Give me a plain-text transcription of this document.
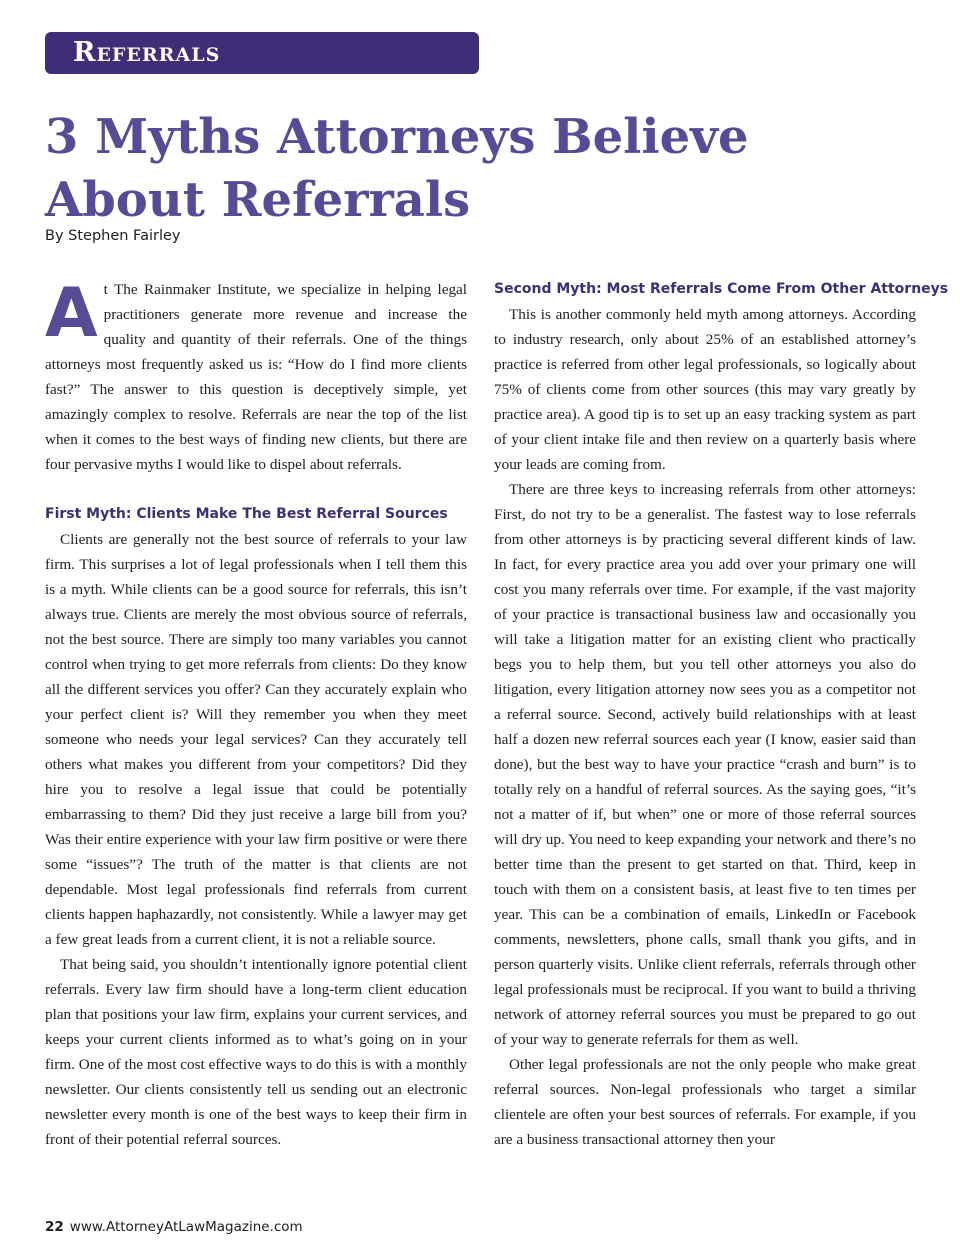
Referrals
3 Myths Attorneys Believe About Referrals
By Stephen Fairley

At The Rainmaker Institute, we specialize in helping legal practitioners generate more revenue and increase the quality and quantity of their referrals. One of the things attorneys most frequently asked us is: “How do I find more clients fast?” The answer to this question is deceptively simple, yet amazingly complex to resolve. Referrals are near the top of the list when it comes to the best ways of finding new clients, but there are four pervasive myths I would like to dispel about referrals.

First Myth: Clients Make The Best Referral Sources

Clients are generally not the best source of referrals to your law firm. This surprises a lot of legal professionals when I tell them this is a myth. While clients can be a good source for referrals, this isn’t always true. Clients are merely the most obvious source of referrals, not the best source. There are simply too many variables you cannot control when trying to get more referrals from clients: Do they know all the different services you offer? Can they accurately explain who your perfect client is? Will they remember you when they meet someone who needs your legal services? Can they accurately tell others what makes you different from your competitors? Did they hire you to resolve a legal issue that could be potentially embarrassing to them? Did they just receive a large bill from you? Was their entire experience with your law firm positive or were there some “issues”? The truth of the matter is that clients are not dependable. Most legal professionals find referrals from current clients happen haphazardly, not consistently. While a lawyer may get a few great leads from a current client, it is not a reliable source.

That being said, you shouldn’t intentionally ignore potential client referrals. Every law firm should have a long-term client education plan that positions your law firm, explains your current services, and keeps your current clients informed as to what’s going on in your firm. One of the most cost effective ways to do this is with a monthly newsletter. Our clients consistently tell us sending out an electronic newsletter every month is one of the best ways to keep their firm in front of their potential referral sources.

Second Myth: Most Referrals Come From Other Attorneys

This is another commonly held myth among attorneys. According to industry research, only about 25% of an established attorney’s practice is referred from other legal professionals, so logically about 75% of clients come from other sources (this may vary greatly by practice area). A good tip is to set up an easy tracking system as part of your client intake file and then review on a quarterly basis where your leads are coming from.

There are three keys to increasing referrals from other attorneys: First, do not try to be a generalist. The fastest way to lose referrals from other attorneys is by practicing several different kinds of law. In fact, for every practice area you add over your primary one will cost you many referrals over time. For example, if the vast majority of your practice is transactional business law and occasionally you will take a litigation matter for an existing client who practically begs you to help them, but you tell other attorneys you also do litigation, every litigation attorney now sees you as a competitor not a referral source. Second, actively build relationships with at least half a dozen new referral sources each year (I know, easier said than done), but the best way to have your practice “crash and burn” is to totally rely on a handful of referral sources. As the saying goes, “it’s not a matter of if, but when” one or more of those referral sources will dry up. You need to keep expanding your network and there’s no better time than the present to get started on that. Third, keep in touch with them on a consistent basis, at least five to ten times per year. This can be a combination of emails, LinkedIn or Facebook comments, newsletters, phone calls, small thank you gifts, and in person quarterly visits. Unlike client referrals, referrals through other legal professionals must be reciprocal. If you want to build a thriving network of attorney referral sources you must be prepared to go out of your way to generate referrals for them as well.

Other legal professionals are not the only people who make great referral sources. Non-legal professionals who target a similar clientele are often your best sources of referrals. For example, if you are a business transactional attorney then your

22 www.AttorneyAtLawMagazine.com
